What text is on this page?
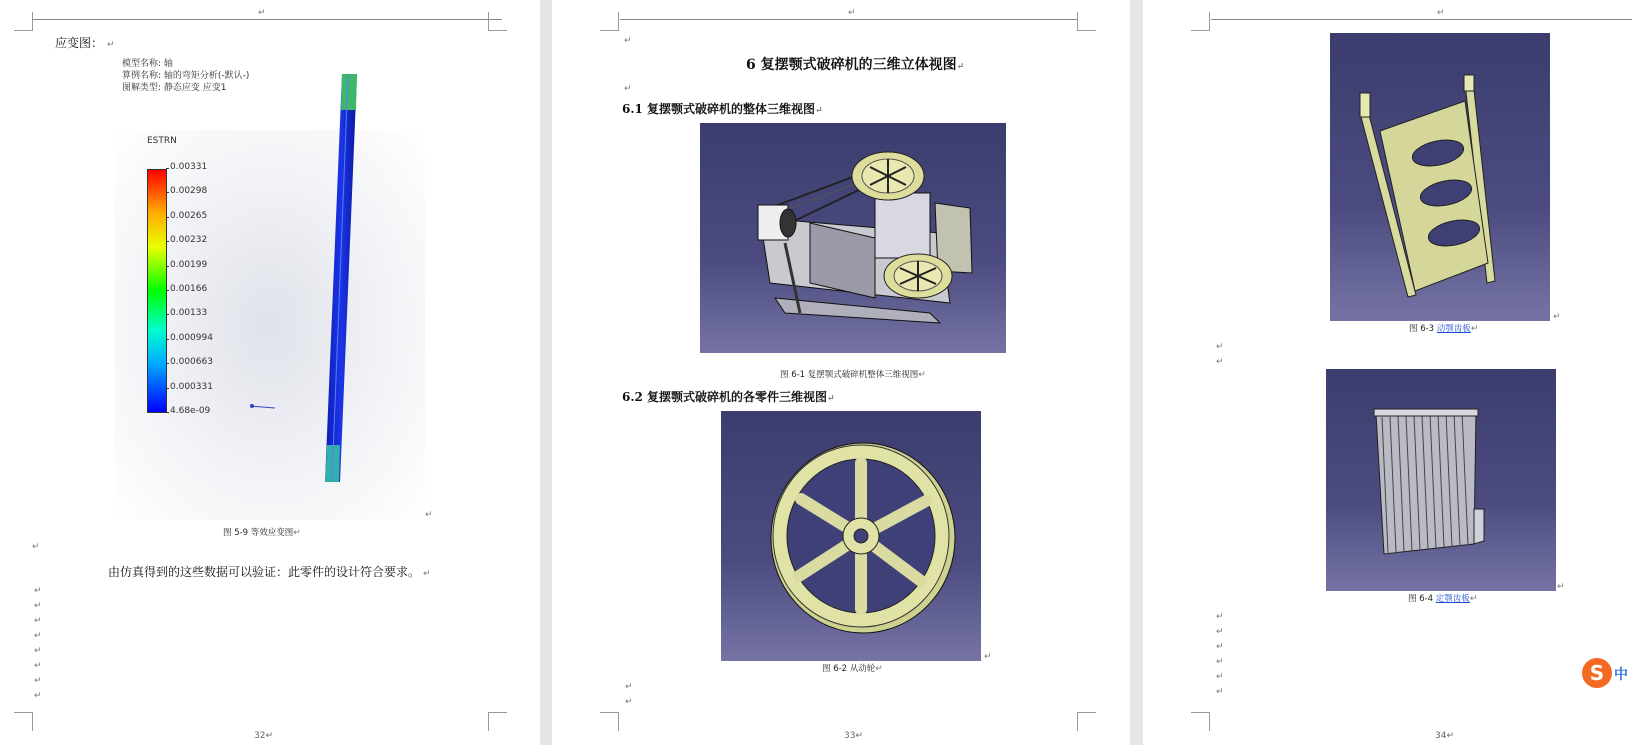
↵
应变图： ↵
模型名称: 轴
算例名称: 轴的弯矩分析(-默认-)
图解类型: 静态应变 应变1
ESTRN
0.00331
0.00298
0.00265
0.00232
0.00199
0.00166
0.00133
0.000994
0.000663
0.000331
4.68e-09
↵
图 5-9 等效应变图↵
↵
由仿真得到的这些数据可以验证：此零件的设计符合要求。 ↵
↵
↵
↵
↵
↵
↵
↵
↵
32↵
↵
↵
6 复摆颚式破碎机的三维立体视图↵
↵
6.1 复摆颚式破碎机的整体三维视图↵
图 6-1 复摆颚式破碎机整体三维视图↵
6.2 复摆颚式破碎机的各零件三维视图↵
↵
图 6-2 从动轮↵
↵
↵
33↵
↵
↵
图 6-3 动颚齿板↵
↵
↵
↵
图 6-4 定颚齿板↵
↵
↵
↵
↵
↵
↵
34↵
S 中
